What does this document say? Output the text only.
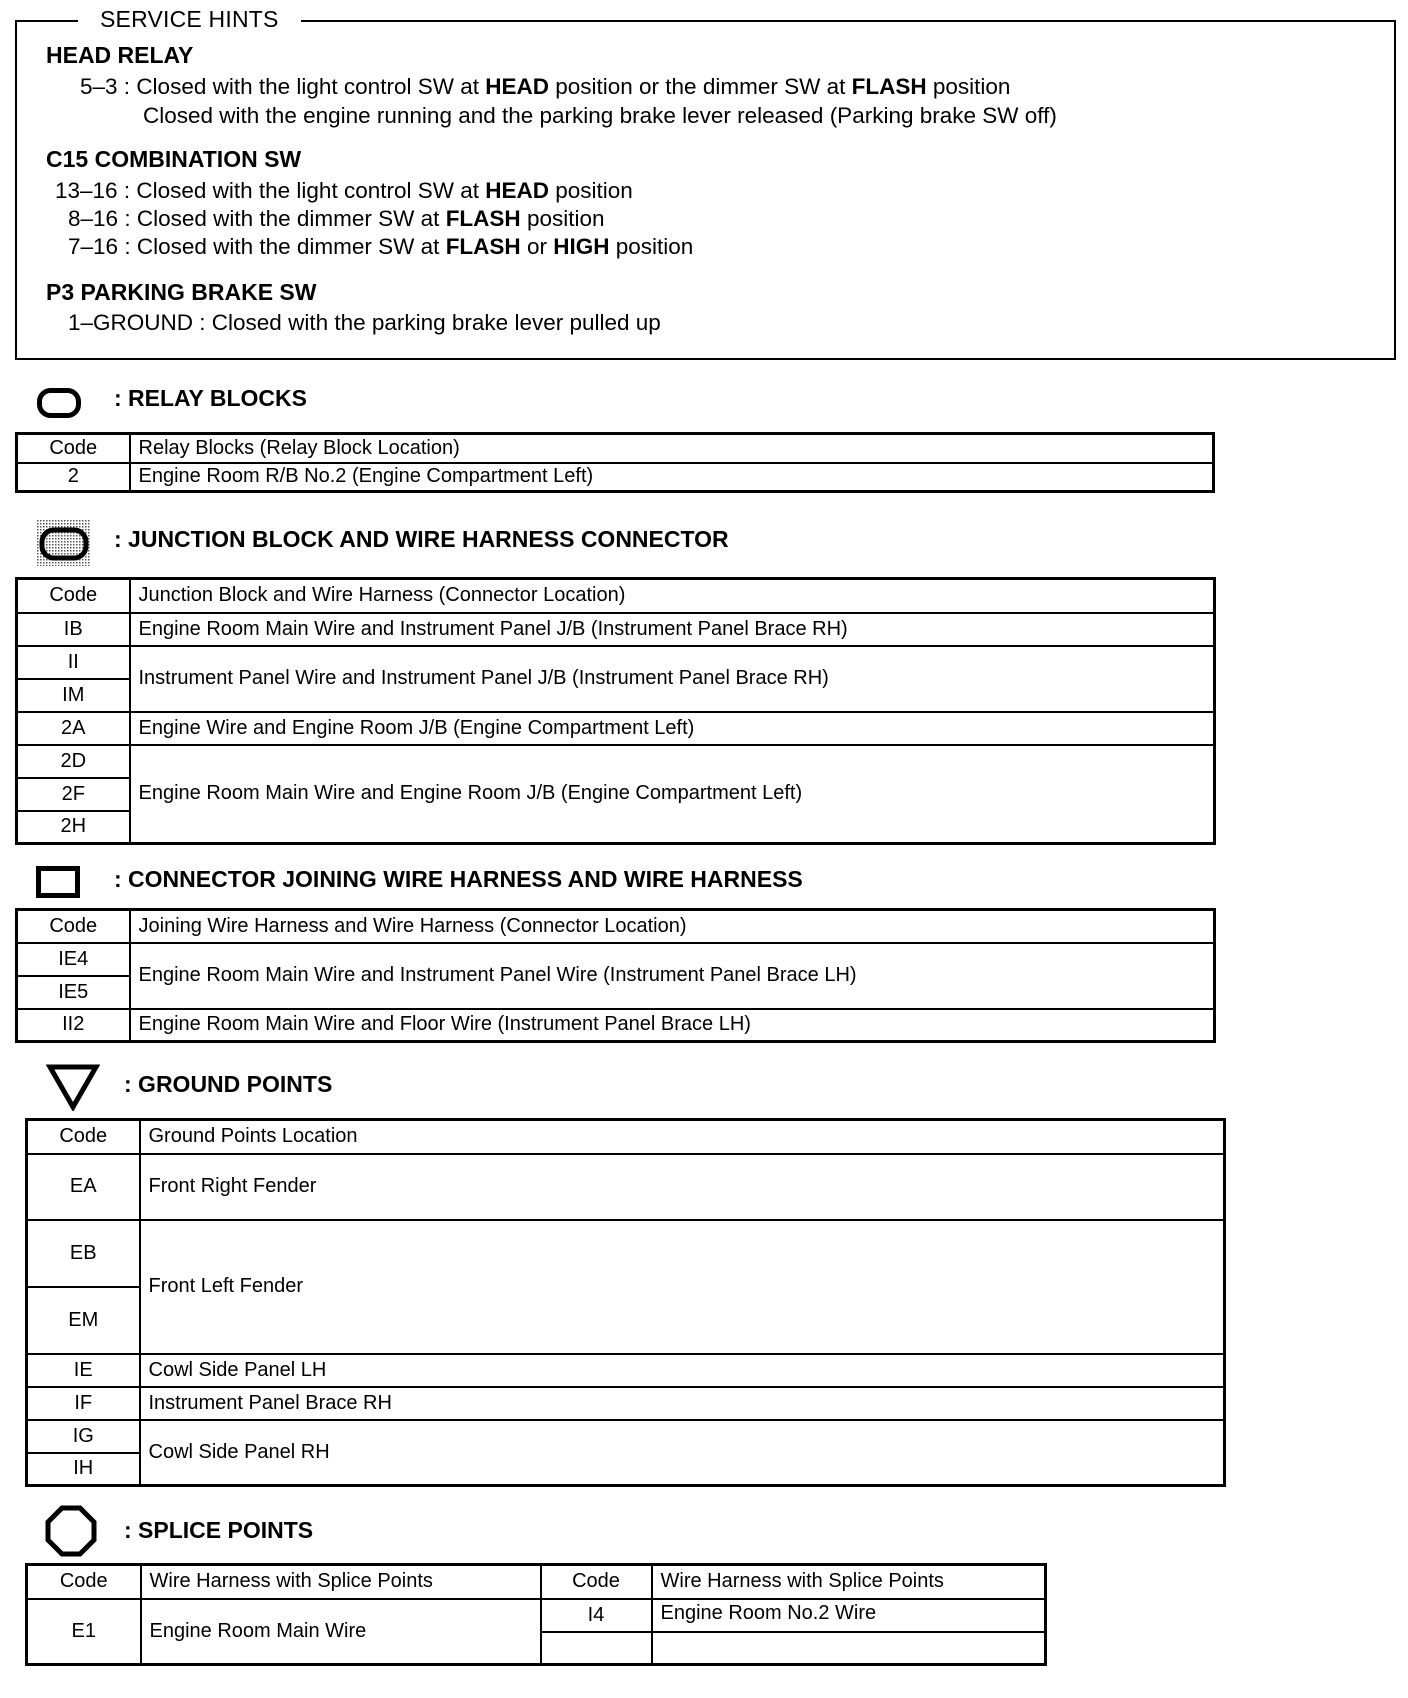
SERVICE HINTS
HEAD RELAY
5–3 : Closed with the light control SW at HEAD position or the dimmer SW at FLASH position
Closed with the engine running and the parking brake lever released (Parking brake SW off)
C15 COMBINATION SW
13–16 : Closed with the light control SW at HEAD position
8–16 : Closed with the dimmer SW at FLASH position
7–16 : Closed with the dimmer SW at FLASH or HIGH position
P3 PARKING BRAKE SW
1–GROUND : Closed with the parking brake lever pulled up
: RELAY BLOCKS
Code	Relay Blocks (Relay Block Location)
2	Engine Room R/B No.2 (Engine Compartment Left)
: JUNCTION BLOCK AND WIRE HARNESS CONNECTOR
Code	Junction Block and Wire Harness (Connector Location)
IB	Engine Room Main Wire and Instrument Panel J/B (Instrument Panel Brace RH)
II	Instrument Panel Wire and Instrument Panel J/B (Instrument Panel Brace RH)
IM	
2A	Engine Wire and Engine Room J/B (Engine Compartment Left)
2D	Engine Room Main Wire and Engine Room J/B (Engine Compartment Left)
2F	
2H	
: CONNECTOR JOINING WIRE HARNESS AND WIRE HARNESS
Code	Joining Wire Harness and Wire Harness (Connector Location)
IE4	Engine Room Main Wire and Instrument Panel Wire (Instrument Panel Brace LH)
IE5	
II2	Engine Room Main Wire and Floor Wire (Instrument Panel Brace LH)
: GROUND POINTS
Code	Ground Points Location
EA	Front Right Fender
EB	Front Left Fender
EM	
IE	Cowl Side Panel LH
IF	Instrument Panel Brace RH
IG	Cowl Side Panel RH
IH	
: SPLICE POINTS
Code	Wire Harness with Splice Points	Code	Wire Harness with Splice Points
E1	Engine Room Main Wire	I4	Engine Room No.2 Wire
